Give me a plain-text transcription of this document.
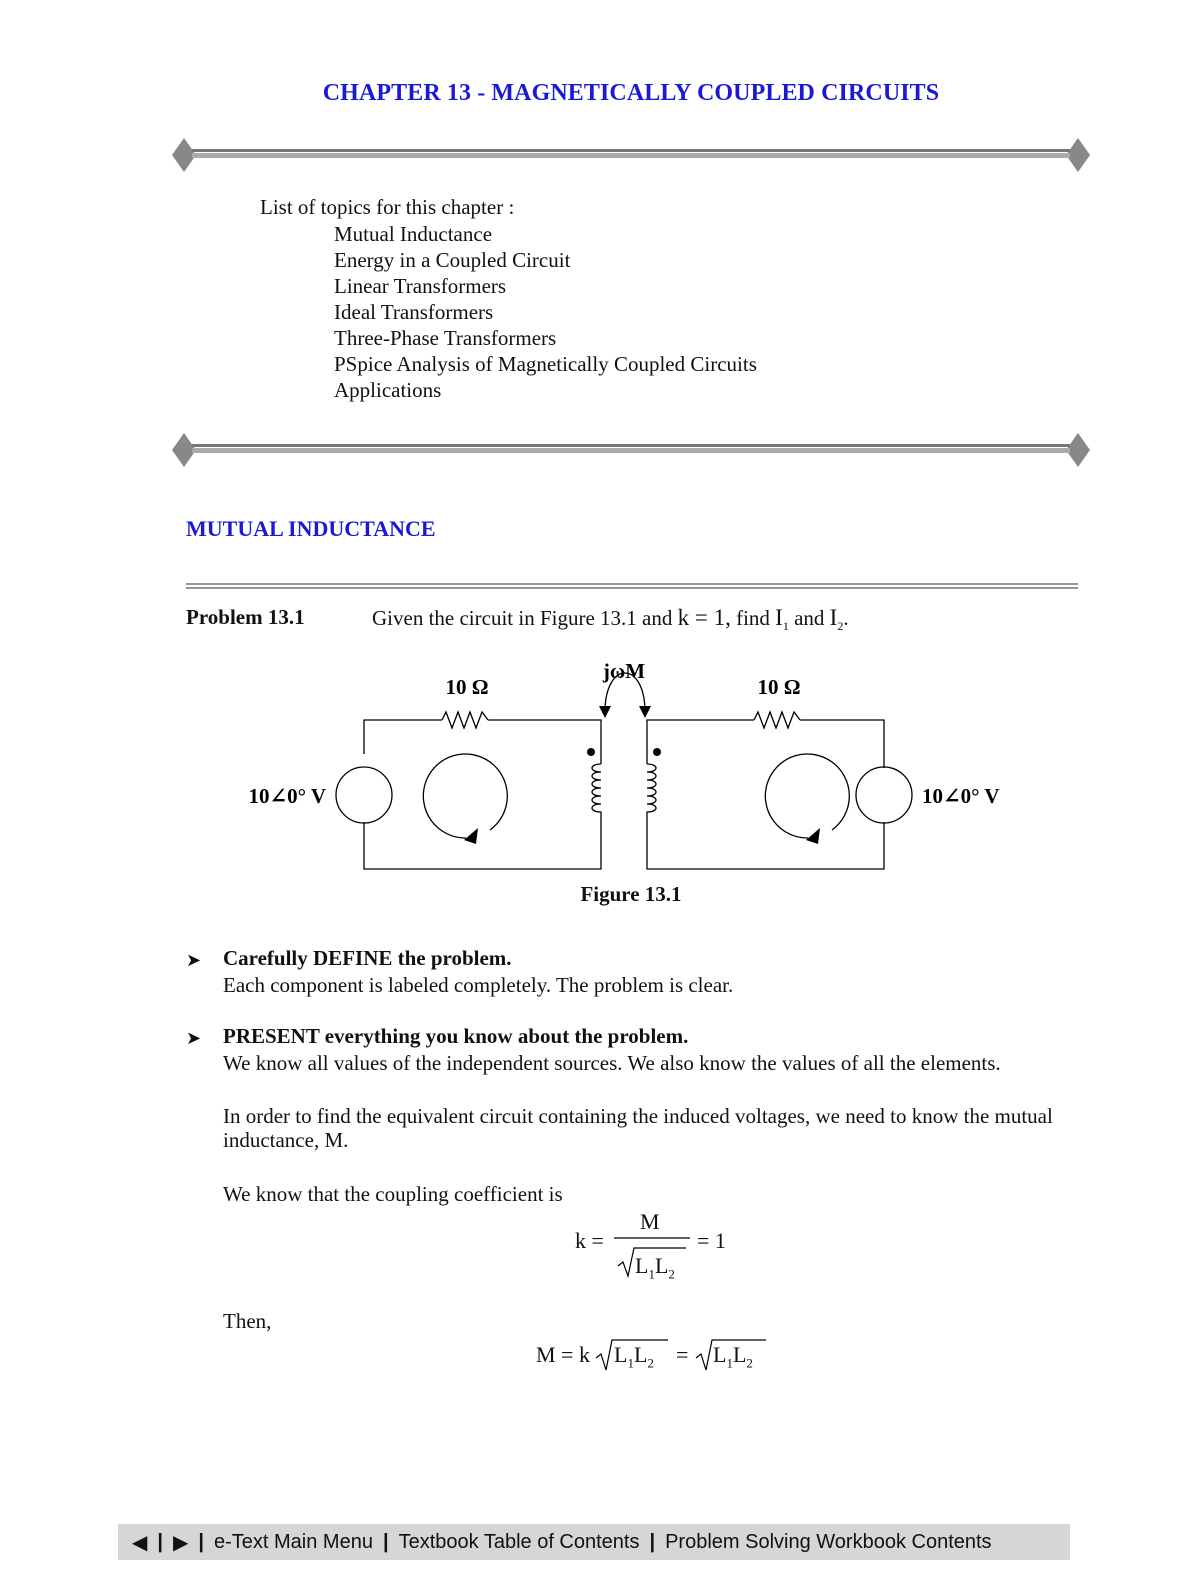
CHAPTER 13 - MAGNETICALLY COUPLED CIRCUITS
List of topics for this chapter :
Mutual Inductance
Energy in a Coupled Circuit
Linear Transformers
Ideal Transformers
Three-Phase Transformers
PSpice Analysis of Magnetically Coupled Circuits
Applications
MUTUAL INDUCTANCE
Problem 13.1	Given the circuit in Figure 13.1 and k = 1, find $I_1$ and $I_2$.
10 Ω	10 Ω
jωM
10∠0° V	10∠0° V
Figure 13.1
➤ Carefully DEFINE the problem.
Each component is labeled completely. The problem is clear.
➤ PRESENT everything you know about the problem.
We know all values of the independent sources. We also know the values of all the elements.
In order to find the equivalent circuit containing the induced voltages, we need to know the mutual inductance, M.
We know that the coupling coefficient is
k =
M
$L_1L_2$
= 1
Then,
M = k $L_1L_2 = L_1L_2$
◀ | ▶ | e-Text Main Menu | Textbook Table of Contents | Problem Solving Workbook Contents
